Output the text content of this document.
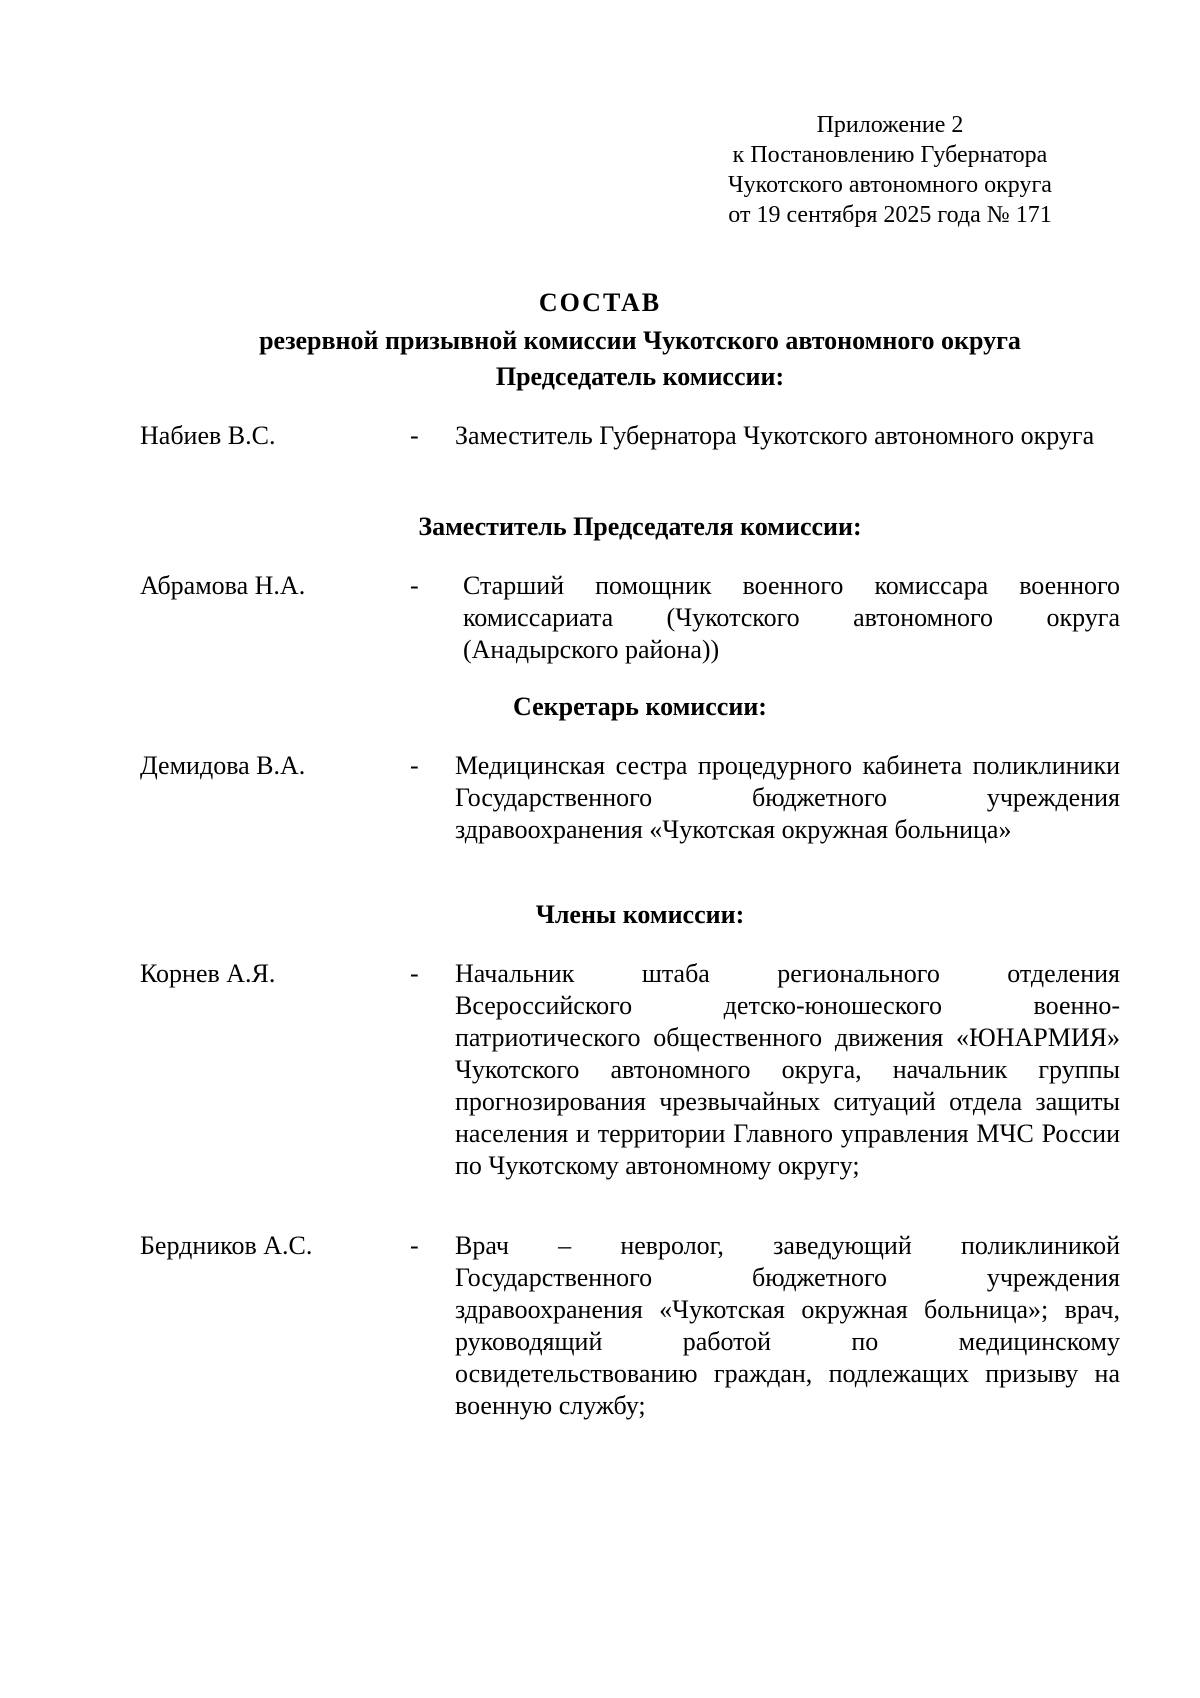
Приложение 2
к Постановлению Губернатора
Чукотского автономного округа
от 19 сентября 2025 года № 171
СОСТАВ
резервной призывной комиссии Чукотского автономного округа
Председатель комиссии:
Набиев В.С.	- Заместитель Губернатора Чукотского автономного округа
Заместитель Председателя комиссии:
Абрамова Н.А.	- Старший помощник военного комиссара военного комиссариата (Чукотского автономного округа (Анадырского района))
Секретарь комиссии:
Демидова В.А.	- Медицинская сестра процедурного кабинета поликлиники Государственного бюджетного учреждения здравоохранения «Чукотская окружная больница»
Члены комиссии:
Корнев А.Я.	- Начальник штаба регионального отделения Всероссийского детско-юношеского военно-патриотического общественного движения «ЮНАРМИЯ» Чукотского автономного округа, начальник группы прогнозирования чрезвычайных ситуаций отдела защиты населения и территории Главного управления МЧС России по Чукотскому автономному округу;
Бердников А.С.	- Врач – невролог, заведующий поликлиникой Государственного бюджетного учреждения здравоохранения «Чукотская окружная больница»; врач, руководящий работой по медицинскому освидетельствованию граждан, подлежащих призыву на военную службу;
